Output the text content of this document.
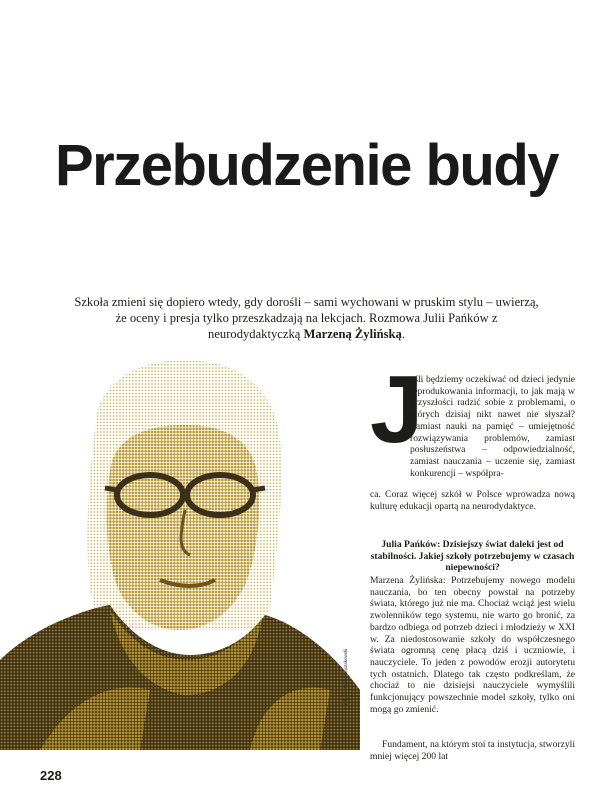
Przebudzenie budy

Szkoła zmieni się dopiero wtedy, gdy dorośli – sami wychowani w pruskim stylu – uwierzą, że oceny i presja tylko przeszkadzają na lekcjach. Rozmowa Julii Pańków z neurodydaktyczką Marzeną Żylińską.

zdjęcie: Michał Łuczakowski
J

eśli będziemy oczekiwać od dzieci jedynie reprodukowania informacji, to jak mają w przyszłości radzić sobie z problemami, o których dzisiaj nikt nawet nie słyszał? Zamiast nauki na pamięć – umiejętność rozwiązywania problemów, zamiast posłuszeństwa – odpowiedzialność, zamiast nauczania – uczenie się, zamiast konkurencji – współpra-

ca. Coraz więcej szkół w Polsce wprowadza nową kulturę edukacji opartą na neurodydaktyce.

Julia Pańków: Dzisiejszy świat daleki jest od stabilności. Jakiej szkoły potrzebujemy w czasach niepewności?

Marzena Żylińska: Potrzebujemy nowego modelu nauczania, bo ten obecny powstał na potrzeby świata, którego już nie ma. Chociaż wciąż jest wielu zwolenników tego systemu, nie warto go bronić, za bardzo odbiega od potrzeb dzieci i młodzieży w XXI w. Za niedostosowanie szkoły do współczesnego świata ogromną cenę płacą dziś i uczniowie, i nauczyciele. To jeden z powodów erozji autorytetu tych ostatnich. Dlatego tak często podkreślam, że chociaż to nie dzisiejsi nauczyciele wymyślili funkcjonujący powszechnie model szkoły, tylko oni mogą go zmienić.

Fundament, na którym stoi ta instytucja, stworzyli mniej więcej 200 lat

228
